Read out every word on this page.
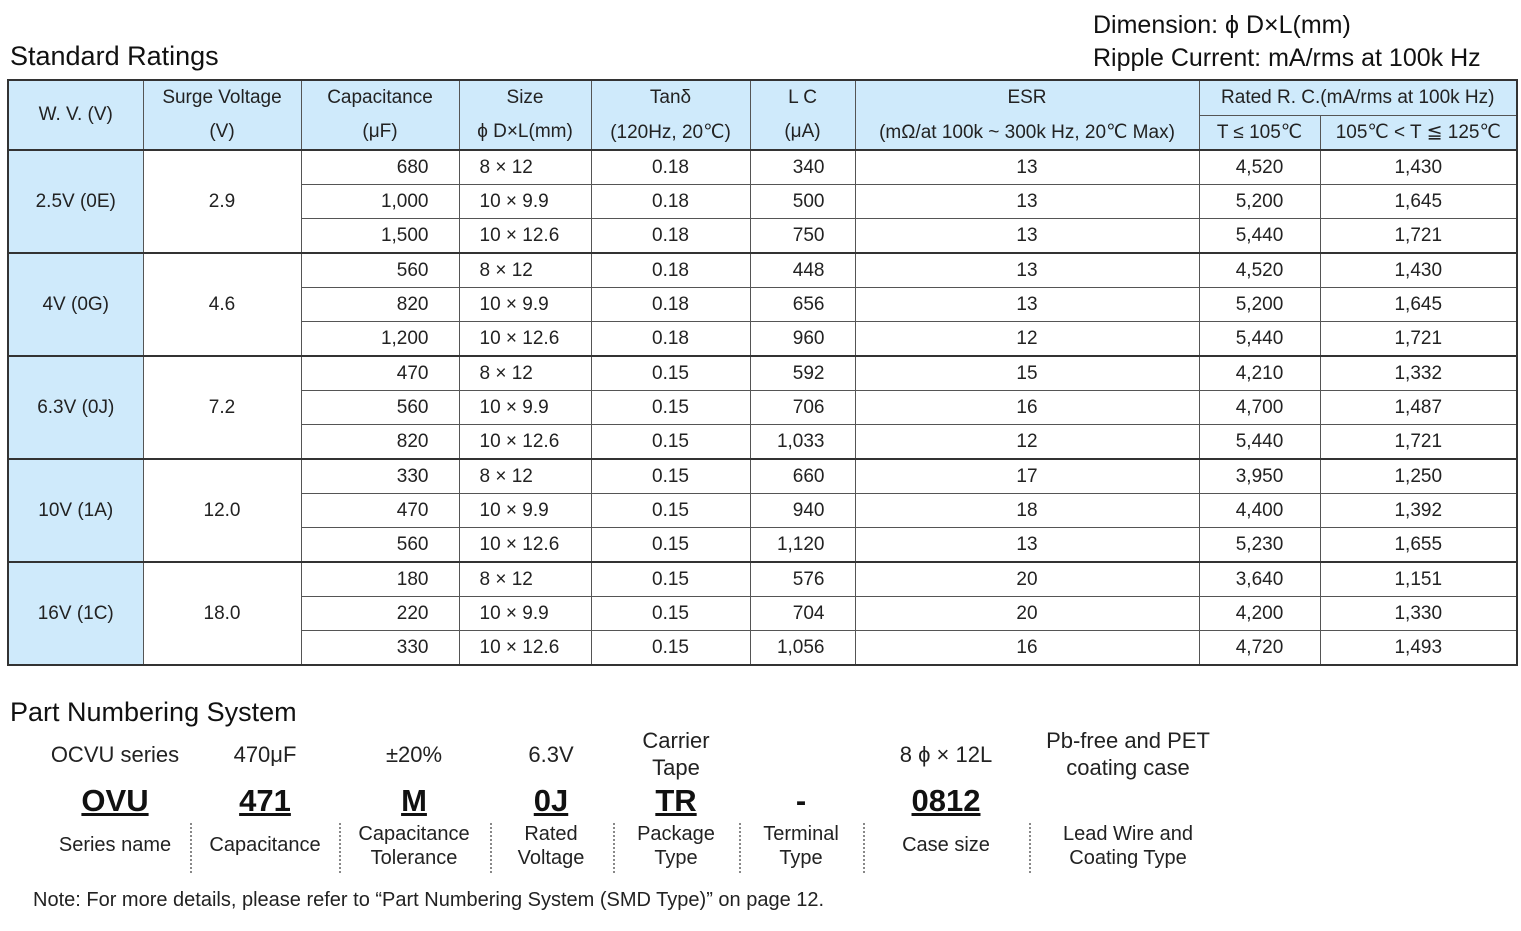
Standard Ratings
Dimension: ϕ D×L(mm)
Ripple Current: mA/rms at 100k Hz
W. V. (V)	Surge Voltage	Capacitance	Size	Tanδ	L C	ESR	Rated R. C.(mA/rms at 100k Hz)	
	(V)	(μF)	ϕ D×L(mm)	(120Hz, 20℃)	(μA)	(mΩ/at 100k ~ 300k Hz, 20℃ Max)	T ≤ 105℃	105℃ < T ≦ 125℃
2.5V (0E)	2.9	680	8 × 12	0.18	340	13	4,520	1,430
		1,000	10 × 9.9	0.18	500	13	5,200	1,645
		1,500	10 × 12.6	0.18	750	13	5,440	1,721
4V (0G)	4.6	560	8 × 12	0.18	448	13	4,520	1,430
		820	10 × 9.9	0.18	656	13	5,200	1,645
		1,200	10 × 12.6	0.18	960	12	5,440	1,721
6.3V (0J)	7.2	470	8 × 12	0.15	592	15	4,210	1,332
		560	10 × 9.9	0.15	706	16	4,700	1,487
		820	10 × 12.6	0.15	1,033	12	5,440	1,721
10V (1A)	12.0	330	8 × 12	0.15	660	17	3,950	1,250
		470	10 × 9.9	0.15	940	18	4,400	1,392
		560	10 × 12.6	0.15	1,120	13	5,230	1,655
16V (1C)	18.0	180	8 × 12	0.15	576	20	3,640	1,151
		220	10 × 9.9	0.15	704	20	4,200	1,330
		330	10 × 12.6	0.15	1,056	16	4,720	1,493
Part Numbering System
OCVU series	470μF	±20%	6.3V
Carrier
Tape
8 ϕ × 12L
Pb-free and PET
coating case
OVU	471	M	0J	TR	-	0812
Series name	Capacitance	Capacitance
Tolerance
Rated
Voltage
Package
Type
Terminal
Type
Case size	Lead Wire and
Coating Type
Note: For more details, please refer to “Part Numbering System (SMD Type)” on page 12.
